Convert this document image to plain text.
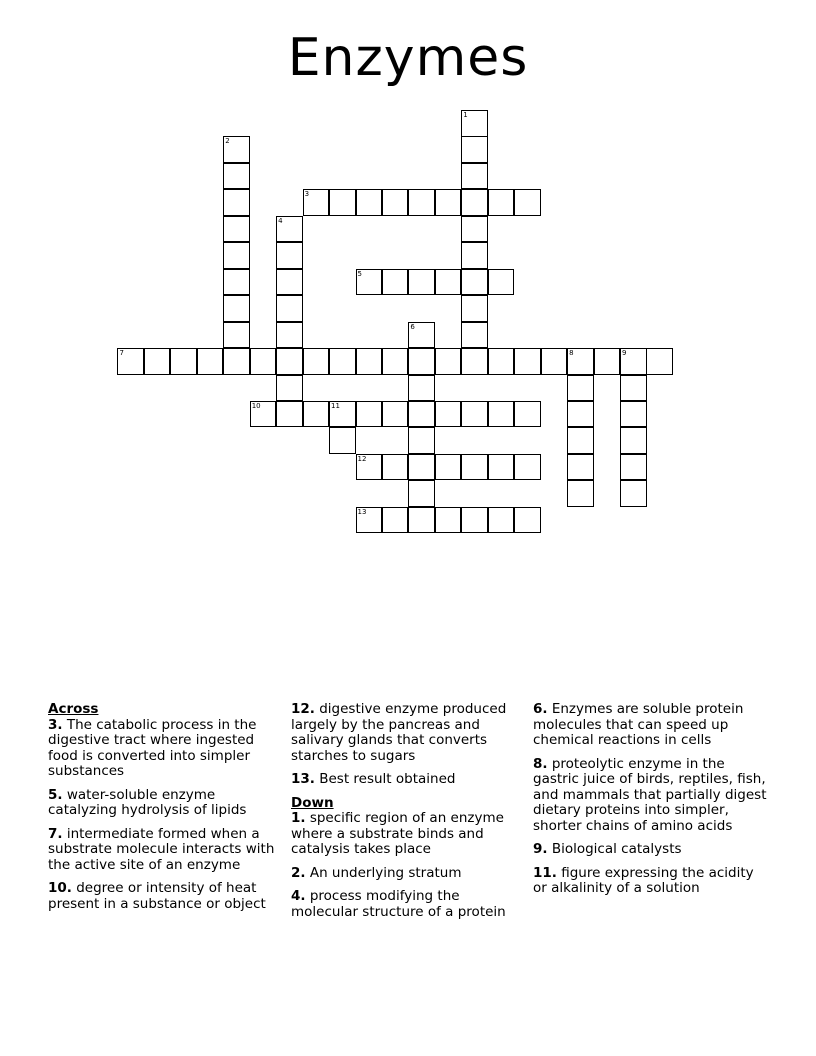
Enzymes
1
2
3
4
5
6
7	8	9
10	11
12
13
Across
3. The catabolic process in the digestive tract where ingested food is converted into simpler substances
5. water-soluble enzyme catalyzing hydrolysis of lipids
7. intermediate formed when a substrate molecule interacts with the active site of an enzyme
10. degree or intensity of heat present in a substance or object
12. digestive enzyme produced largely by the pancreas and salivary glands that converts starches to sugars
13. Best result obtained
Down
1. specific region of an enzyme where a substrate binds and catalysis takes place
2. An underlying stratum
4. process modifying the molecular structure of a protein
6. Enzymes are soluble protein molecules that can speed up chemical reactions in cells
8. proteolytic enzyme in the gastric juice of birds, reptiles, fish, and mammals that partially digest dietary proteins into simpler, shorter chains of amino acids
9. Biological catalysts
11. figure expressing the acidity or alkalinity of a solution
